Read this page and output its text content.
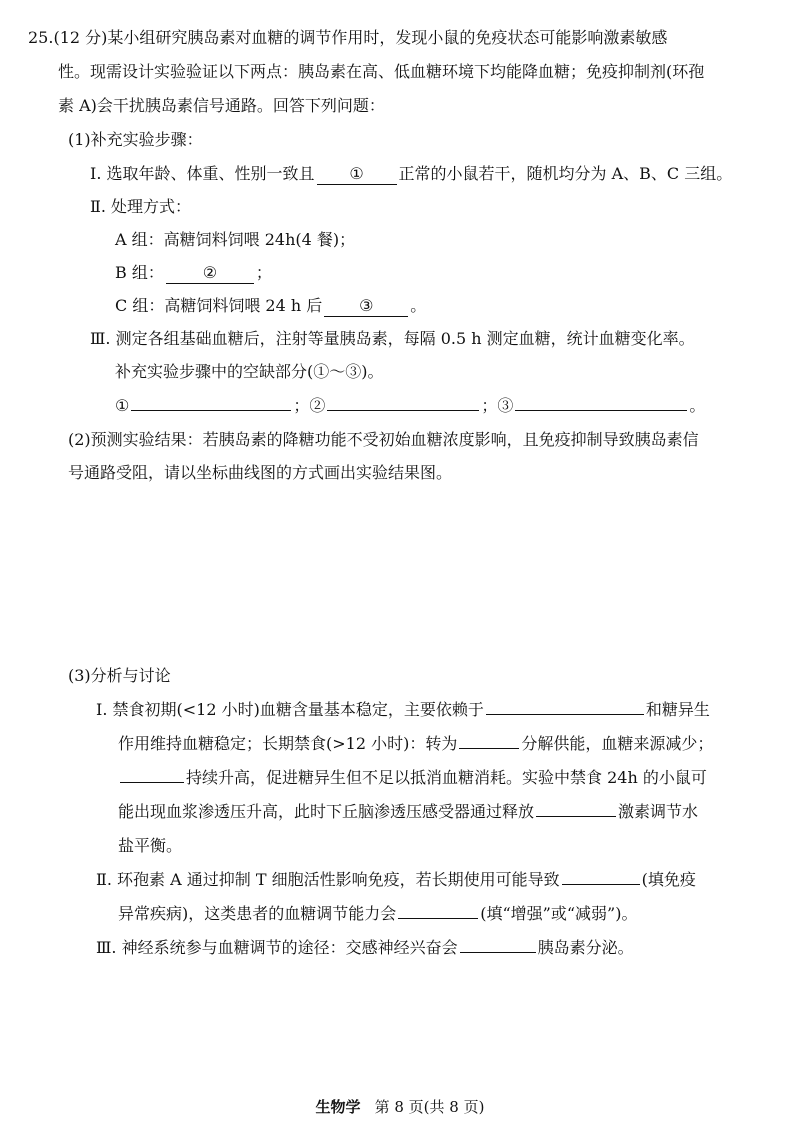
25.(12 分)某小组研究胰岛素对血糖的调节作用时，发现小鼠的免疫状态可能影响激素敏感
性。现需设计实验验证以下两点：胰岛素在高、低血糖环境下均能降血糖；免疫抑制剂(环孢
素 A)会干扰胰岛素信号通路。回答下列问题：
(1)补充实验步骤：
Ⅰ. 选取年龄、体重、性别一致且 ① 正常的小鼠若干，随机均分为 A、B、C 三组。
Ⅱ. 处理方式：
A 组：高糖饲料饲喂 24h(4 餐)；
B 组： ② ；
C 组：高糖饲料饲喂 24 h 后 ③ 。
Ⅲ. 测定各组基础血糖后，注射等量胰岛素，每隔 0.5 h 测定血糖，统计血糖变化率。
补充实验步骤中的空缺部分(①～③)。
①	；②	；③	。
(2)预测实验结果：若胰岛素的降糖功能不受初始血糖浓度影响，且免疫抑制导致胰岛素信
号通路受阻，请以坐标曲线图的方式画出实验结果图。
(3)分析与讨论
Ⅰ. 禁食初期(<12 小时)血糖含量基本稳定，主要依赖于	和糖异生
作用维持血糖稳定；长期禁食(>12 小时)：转为	分解供能，血糖来源减少；
持续升高，促进糖异生但不足以抵消血糖消耗。实验中禁食 24h 的小鼠可
能出现血浆渗透压升高，此时下丘脑渗透压感受器通过释放	激素调节水
盐平衡。
Ⅱ. 环孢素 A 通过抑制 T 细胞活性影响免疫，若长期使用可能导致	(填免疫
异常疾病)，这类患者的血糖调节能力会	(填“增强”或“减弱”)。
Ⅲ. 神经系统参与血糖调节的途径：交感神经兴奋会	胰岛素分泌。
生物学 第 8 页(共 8 页)
